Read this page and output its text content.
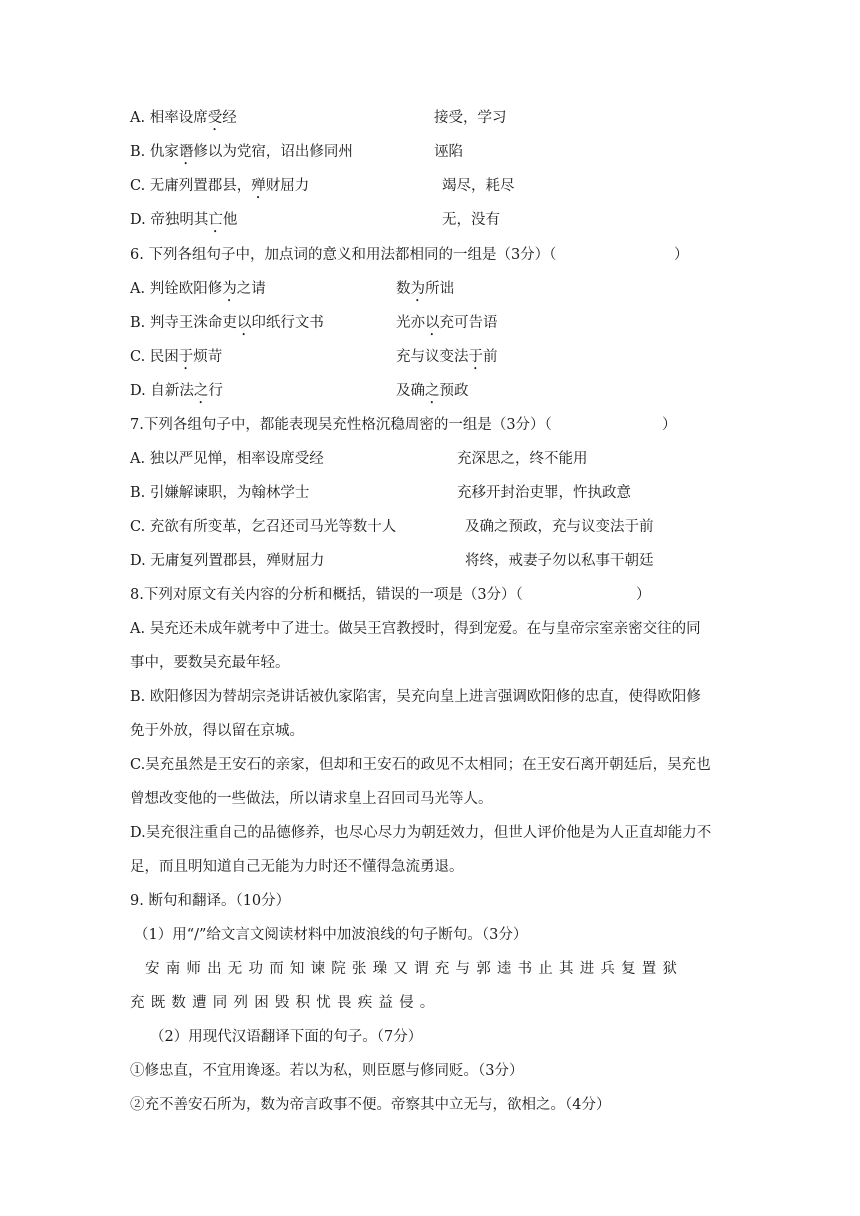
A. 相率设席受经	接受，学习
B. 仇家谮修以为党宿，诏出修同州	诬陷
C. 无庸列置郡县，殚财屈力	竭尽，耗尽
D. 帝独明其亡他	无，没有
6. 下列各组句子中，加点词的意义和用法都相同的一组是（3分）（	）
A. 判铨欧阳修为之请	数为所诎
B. 判寺王洙命吏以印纸行文书	光亦以充可告语
C. 民困于烦苛	充与议变法于前
D. 自新法之行	及确之预政
7.下列各组句子中，都能表现吴充性格沉稳周密的一组是（3分）（	）
A. 独以严见惮，相率设席受经	充深思之，终不能用
B. 引嫌解谏职，为翰林学士	充移开封治吏罪，忤执政意
C. 充欲有所变革，乞召还司马光等数十人	及确之预政，充与议变法于前
D. 无庸复列置郡县，殚财屈力	将终，戒妻子勿以私事干朝廷
8.下列对原文有关内容的分析和概括，错误的一项是（3分）（	）
A. 吴充还未成年就考中了进士。做吴王宫教授时，得到宠爱。在与皇帝宗室亲密交往的同
事中，要数吴充最年轻。
B. 欧阳修因为替胡宗尧讲话被仇家陷害，吴充向皇上进言强调欧阳修的忠直，使得欧阳修
免于外放，得以留在京城。
C.吴充虽然是王安石的亲家，但却和王安石的政见不太相同；在王安石离开朝廷后，吴充也
曾想改变他的一些做法，所以请求皇上召回司马光等人。
D.吴充很注重自己的品德修养，也尽心尽力为朝廷效力，但世人评价他是为人正直却能力不
足，而且明知道自己无能为力时还不懂得急流勇退。
9. 断句和翻译。（10分）
（1）用“/”给文言文阅读材料中加波浪线的句子断句。（3分）
安南师出无功而知谏院张璪又谓充与郭逵书止其进兵复置狱
充既数遭同列困毁积忧畏疾益侵。
（2）用现代汉语翻译下面的句子。（7分）
①修忠直，不宜用谗逐。若以为私，则臣愿与修同贬。（3分）
②充不善安石所为，数为帝言政事不便。帝察其中立无与，欲相之。（4分）
